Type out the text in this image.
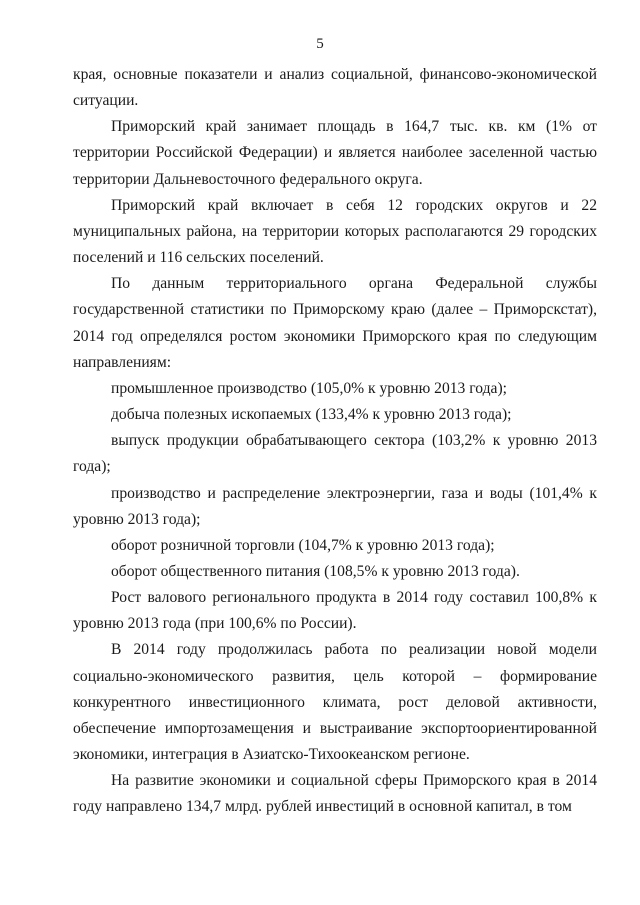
5

края, основные показатели и анализ социальной, финансово-экономической ситуации.

Приморский край занимает площадь в 164,7 тыс. кв. км (1% от территории Российской Федерации) и является наиболее заселенной частью территории Дальневосточного федерального округа.

Приморский край включает в себя 12 городских округов и 22 муниципальных района, на территории которых располагаются 29 городских поселений и 116 сельских поселений.

По данным территориального органа Федеральной службы государственной статистики по Приморскому краю (далее – Приморскстат), 2014 год определялся ростом экономики Приморского края по следующим направлениям:

промышленное производство (105,0% к уровню 2013 года);

добыча полезных ископаемых (133,4% к уровню 2013 года);

выпуск продукции обрабатывающего сектора (103,2% к уровню 2013 года);

производство и распределение электроэнергии, газа и воды (101,4% к уровню 2013 года);

оборот розничной торговли (104,7% к уровню 2013 года);

оборот общественного питания (108,5% к уровню 2013 года).

Рост валового регионального продукта в 2014 году составил 100,8% к уровню 2013 года (при 100,6% по России).

В 2014 году продолжилась работа по реализации новой модели социально-экономического развития, цель которой – формирование конкурентного инвестиционного климата, рост деловой активности, обеспечение импортозамещения и выстраивание экспортоориентированной экономики, интеграция в Азиатско-Тихоокеанском регионе.

На развитие экономики и социальной сферы Приморского края в 2014 году направлено 134,7 млрд. рублей инвестиций в основной капитал, в том
